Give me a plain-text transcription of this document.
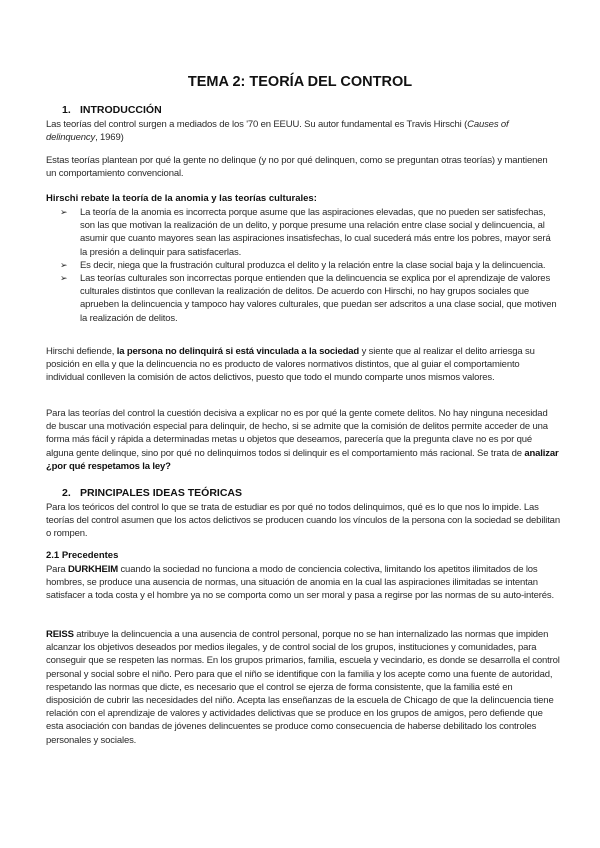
TEMA 2: TEORÍA DEL CONTROL
1. INTRODUCCIÓN

Las teorías del control surgen a mediados de los '70 en EEUU. Su autor fundamental es Travis Hirschi (Causes of delinquency, 1969)

Estas teorías plantean por qué la gente no delinque (y no por qué delinquen, como se preguntan otras teorías) y mantienen un comportamiento convencional.

Hirschi rebate la teoría de la anomia y las teorías culturales:

➢ La teoría de la anomia es incorrecta porque asume que las aspiraciones elevadas, que no pueden ser satisfechas, son las que motivan la realización de un delito, y porque presume una relación entre clase social y delincuencia, al asumir que cuanto mayores sean las aspiraciones insatisfechas, lo cual sucederá más entre los pobres, mayor será la presión a delinquir para satisfacerlas.
➢ Es decir, niega que la frustración cultural produzca el delito y la relación entre la clase social baja y la delincuencia.
➢ Las teorías culturales son incorrectas porque entienden que la delincuencia se explica por el aprendizaje de valores culturales distintos que conllevan la realización de delitos. De acuerdo con Hirschi, no hay grupos sociales que aprueben la delincuencia y tampoco hay valores culturales, que puedan ser adscritos a una clase social, que motiven la realización de delitos.

Hirschi defiende, la persona no delinquirá si está vinculada a la sociedad y siente que al realizar el delito arriesga su posición en ella y que la delincuencia no es producto de valores normativos distintos, que al guiar el comportamiento individual conlleven la comisión de actos delictivos, puesto que todo el mundo comparte unos mismos valores.

Para las teorías del control la cuestión decisiva a explicar no es por qué la gente comete delitos. No hay ninguna necesidad de buscar una motivación especial para delinquir, de hecho, si se admite que la comisión de delitos permite acceder de una forma más fácil y rápida a determinadas metas u objetos que deseamos, parecería que la pregunta clave no es por qué alguna gente delinque, sino por qué no delinquimos todos si delinquir es el comportamiento más racional. Se trata de analizar ¿por qué respetamos la ley?

2. PRINCIPALES IDEAS TEÓRICAS

Para los teóricos del control lo que se trata de estudiar es por qué no todos delinquimos, qué es lo que nos lo impide. Las teorías del control asumen que los actos delictivos se producen cuando los vínculos de la persona con la sociedad se debilitan o rompen.

2.1 Precedentes

Para DURKHEIM cuando la sociedad no funciona a modo de conciencia colectiva, limitando los apetitos ilimitados de los hombres, se produce una ausencia de normas, una situación de anomia en la cual las aspiraciones ilimitadas se intentan satisfacer a toda costa y el hombre ya no se comporta como un ser moral y pasa a regirse por las normas de su auto-interés.

REISS atribuye la delincuencia a una ausencia de control personal, porque no se han internalizado las normas que impiden alcanzar los objetivos deseados por medios ilegales, y de control social de los grupos, instituciones y comunidades, para conseguir que se respeten las normas. En los grupos primarios, familia, escuela y vecindario, es donde se desarrolla el control personal y social sobre el niño. Pero para que el niño se identifique con la familia y los acepte como una fuente de autoridad, respetando las normas que dicte, es necesario que el control se ejerza de forma consistente, que la familia esté en disposición de cubrir las necesidades del niño. Acepta las enseñanzas de la escuela de Chicago de que la delincuencia tiene relación con el aprendizaje de valores y actividades delictivas que se produce en los grupos de amigos, pero defiende que esta asociación con bandas de jóvenes delincuentes se produce como consecuencia de haberse debilitado los controles personales y sociales.
